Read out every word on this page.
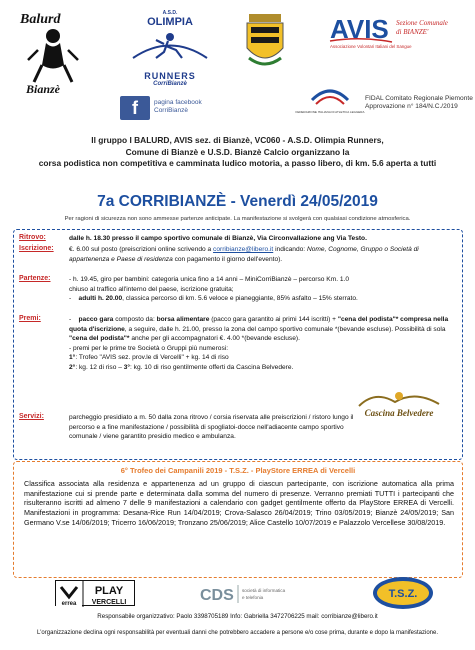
Balurd
Bianzè
A.S.D.
OLIMPIA
RUNNERS
CorriBianzè
AVIS Sezione Comunale
di BIANZE'
Associazione Volontari Italiani del Sangue
f	pagina facebook
CorriBianzè	FEDERAZIONE ITALIANA DI ATLETICA LEGGERA
FIDAL Comitato Regionale Piemonte
Approvazione n° 184/N.C./2019
Il gruppo I BALURD, AVIS sez. di Bianzè, VC060 - A.S.D. Olimpia Runners,
Comune di Bianzè e U.S.D. Bianzè Calcio organizzano la
corsa podistica non competitiva e camminata ludico motoria, a passo libero, di km. 5.6 aperta a tutti
7a CORRIBIANZÈ - Venerdì 24/05/2019
Per ragioni di sicurezza non sono ammesse partenze anticipate. La manifestazione si svolgerà con qualsiasi condizione atmosferica.
Ritrovo:	dalle h. 18.30 presso il campo sportivo comunale di Bianzè, Via Circonvallazione ang Via Testo.
Iscrizione: €. 6.00 sul posto (preiscrizioni online scrivendo a corribianze@libero.it indicando: Nome, Cognome, Gruppo o Società di appartenenza e Paese di residenza con pagamento il giorno dell'evento).
Partenze:	- h. 19.45, giro per bambini: categoria unica fino a 14 anni – MiniCorriBianzè – percorso Km. 1.0
chiuso al traffico all'interno del paese, iscrizione gratuita;
-    adulti h. 20.00, classica percorso di km. 5.6 veloce e pianeggiante, 85% asfalto – 15% sterrato.
Premi:	-    pacco gara composto da: borsa alimentare (pacco gara garantito ai primi 144 iscritti) + "cena del podista"* compresa nella quota d'iscrizione, a seguire, dalle h. 21.00, presso la zona del campo sportivo comunale *(bevande escluse). Possibilità di sola "cena del podista"* anche per gli accompagnatori €. 4.00 *(bevande escluse).
- premi per le prime tre Società o Gruppi più numerosi:
1°: Trofeo "AVIS sez. prov.le di Vercelli" + kg. 14 di riso
2°: kg. 12 di riso – 3°: kg. 10 di riso gentilmente offerti da Cascina Belvedere.
Servizi:	parcheggio presidiato a m. 50 dalla zona ritrovo / corsia riservata alle preiscrizioni / ristoro lungo il percorso e a fine manifestazione / possibilità di spogliatoi-docce nell'adiacente campo sportivo comunale / viene garantito presidio medico e ambulanza.
Cascina Belvedere
6° Trofeo dei Campanili 2019 - T.S.Z. - PlayStore ERREA di Vercelli
Classifica associata alla residenza e appartenenza ad un gruppo di ciascun partecipante, con iscrizione automatica alla prima manifestazione cui si prende parte e determinata dalla somma del numero di presenze. Verranno premiati TUTTI i partecipanti che risulteranno iscritti ad almeno 7 delle 9 manifestazioni a calendario con gadget gentilmente offerto da PlayStore ERREA di Vercelli. Manifestazioni in programma: Desana-Rice Run 14/04/2019; Crova-Salasco 26/04/2019; Trino 03/05/2019; Bianzè 24/05/2019; San Germano V.se 14/06/2019; Tricerro 16/06/2019; Tronzano 25/06/2019; Alice Castello 10/07/2019 e Palazzolo Vercellese 30/08/2019.
errea
PLAY
VERCELLI	CDS società di informatica
e telefonia	T.S.Z.
Responsabile organizzativo: Paolo 3398705189 Info: Gabriella 3472706225 mail: corribianze@libero.it
L'organizzazione declina ogni responsabilità per eventuali danni che potrebbero accadere a persone e/o cose prima, durante e dopo la manifestazione.
